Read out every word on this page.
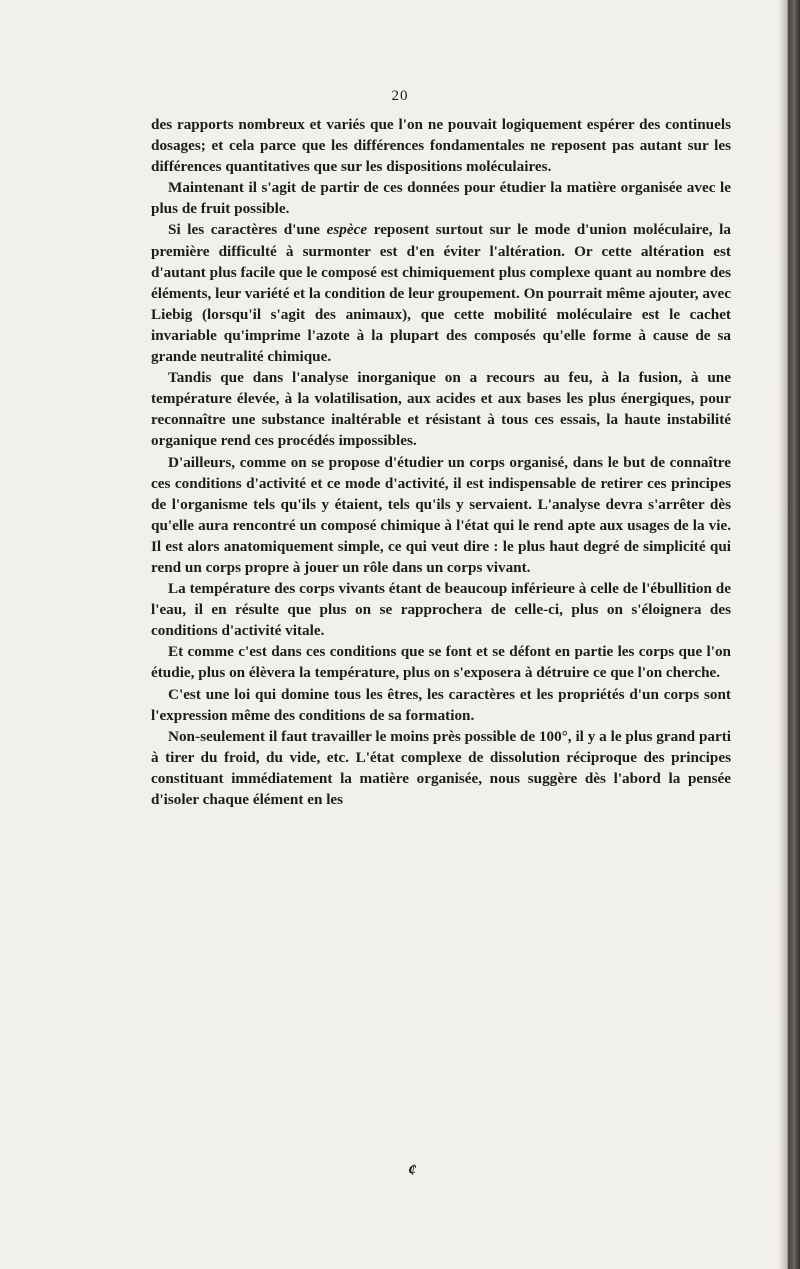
20

des rapports nombreux et variés que l'on ne pouvait logiquement espérer des continuels dosages; et cela parce que les différences fondamentales ne reposent pas autant sur les différences quantitatives que sur les dispositions moléculaires.

Maintenant il s'agit de partir de ces données pour étudier la matière organisée avec le plus de fruit possible.

Si les caractères d'une espèce reposent surtout sur le mode d'union moléculaire, la première difficulté à surmonter est d'en éviter l'altération. Or cette altération est d'autant plus facile que le composé est chimiquement plus complexe quant au nombre des éléments, leur variété et la condition de leur groupement. On pourrait même ajouter, avec Liebig (lorsqu'il s'agit des animaux), que cette mobilité moléculaire est le cachet invariable qu'imprime l'azote à la plupart des composés qu'elle forme à cause de sa grande neutralité chimique.

Tandis que dans l'analyse inorganique on a recours au feu, à la fusion, à une température élevée, à la volatilisation, aux acides et aux bases les plus énergiques, pour reconnaître une substance inaltérable et résistant à tous ces essais, la haute instabilité organique rend ces procédés impossibles.

D'ailleurs, comme on se propose d'étudier un corps organisé, dans le but de connaître ces conditions d'activité et ce mode d'activité, il est indispensable de retirer ces principes de l'organisme tels qu'ils y étaient, tels qu'ils y servaient. L'analyse devra s'arrêter dès qu'elle aura rencontré un composé chimique à l'état qui le rend apte aux usages de la vie. Il est alors anatomiquement simple, ce qui veut dire : le plus haut degré de simplicité qui rend un corps propre à jouer un rôle dans un corps vivant.

La température des corps vivants étant de beaucoup inférieure à celle de l'ébullition de l'eau, il en résulte que plus on se rapprochera de celle-ci, plus on s'éloignera des conditions d'activité vitale.

Et comme c'est dans ces conditions que se font et se défont en partie les corps que l'on étudie, plus on élèvera la température, plus on s'exposera à détruire ce que l'on cherche.

C'est une loi qui domine tous les êtres, les caractères et les propriétés d'un corps sont l'expression même des conditions de sa formation.

Non-seulement il faut travailler le moins près possible de 100°, il y a le plus grand parti à tirer du froid, du vide, etc. L'état complexe de dissolution réciproque des principes constituant immédiatement la matière organisée, nous suggère dès l'abord la pensée d'isoler chaque élément en les

¢
